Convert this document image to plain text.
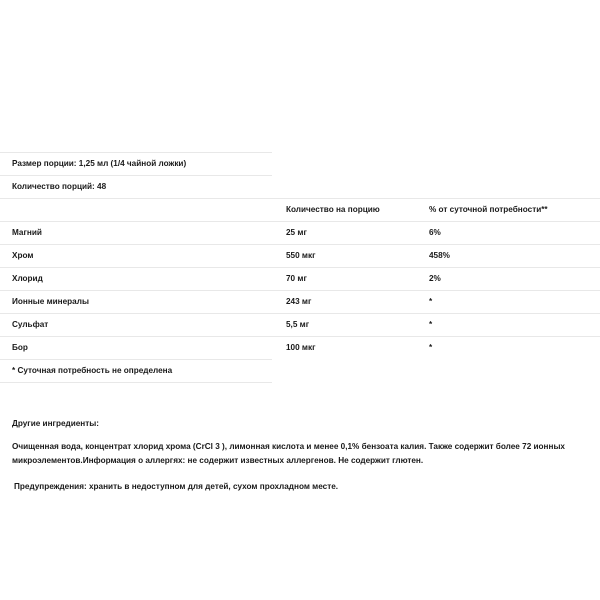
Размер порции: 1,25 мл (1/4 чайной ложки)
Количество порций: 48
	Количество на порцию	% от суточной потребности**
Магний	25 мг	6%
Хром	550 мкг	458%
Хлорид	70 мг	2%
Ионные минералы	243 мг	*
Сульфат	5,5 мг	*
Бор	100 мкг	*
* Суточная потребность не определена

Другие ингредиенты:
Очищенная вода, концентрат хлорид хрома (CrCl 3 ), лимонная кислота и менее 0,1% бензоата калия. Также содержит более 72 ионных микроэлементов.Информация о аллергях: не содержит известных аллергенов. Не содержит глютен.
Предупреждения: хранить в недоступном для детей, сухом прохладном месте.
